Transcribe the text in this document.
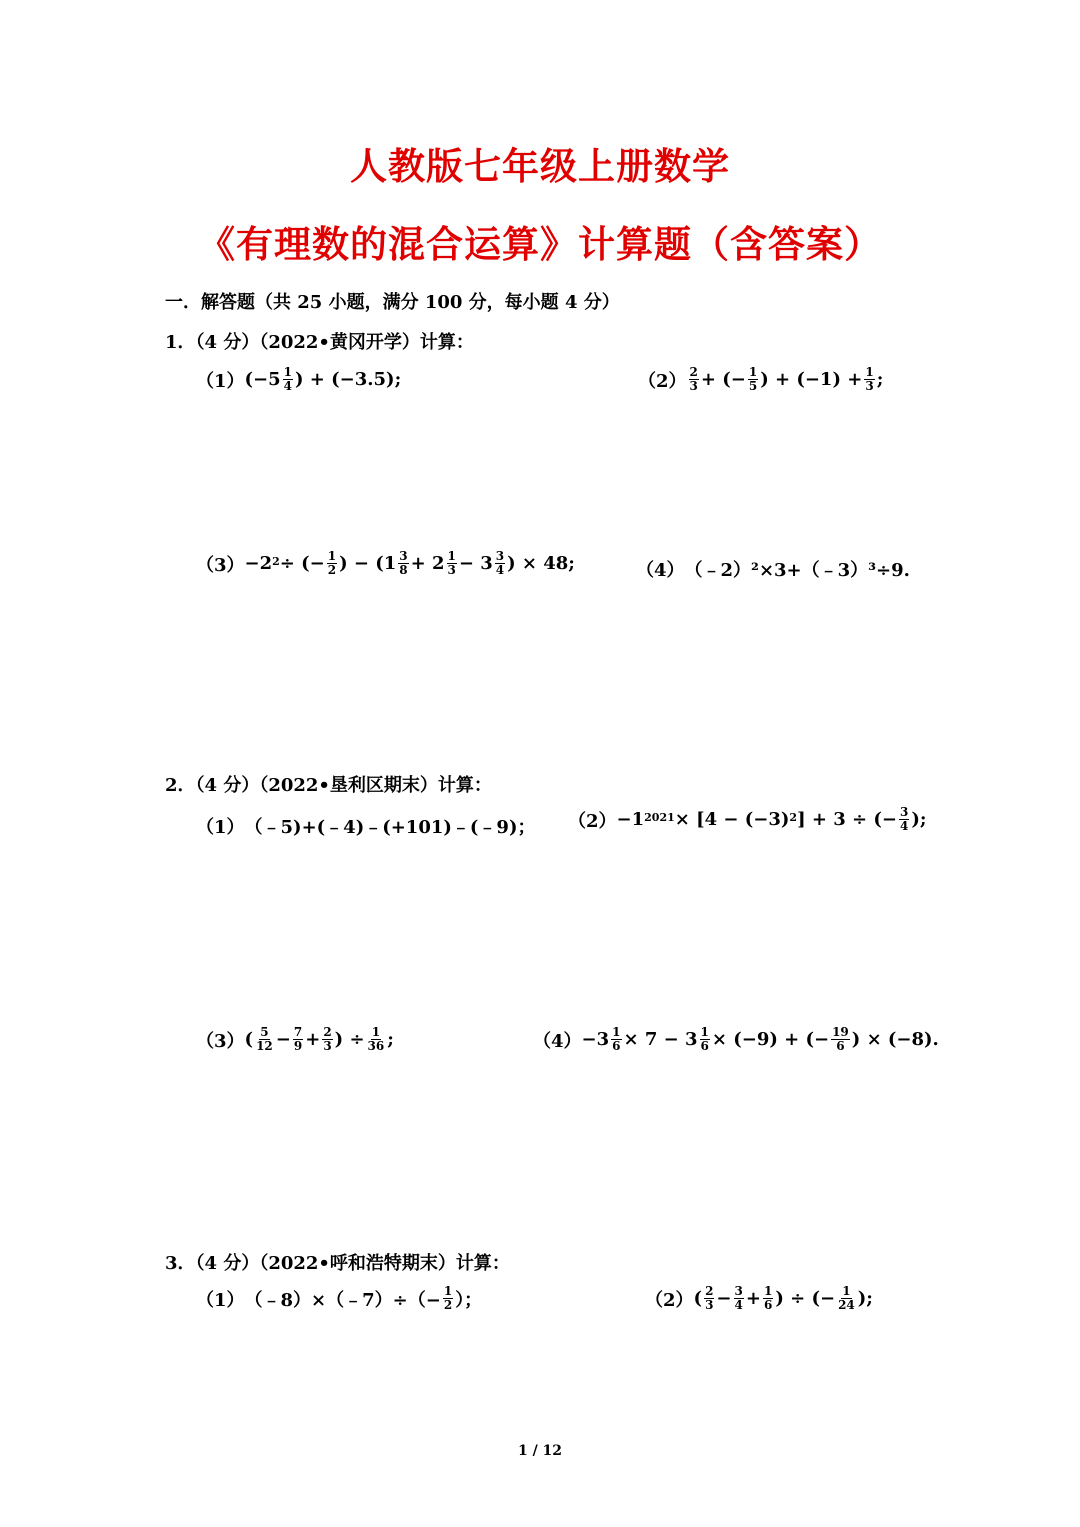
人教版七年级上册数学
《有理数的混合运算》计算题（含答案）
一．解答题（共 25 小题，满分 100 分，每小题 4 分）
1．（4 分）（2022•黄冈开学）计算：
（1） ($-5 \frac{1}{4}$ ) + (−3.5);	$(2) \frac{2}{3}$ + (− $\frac{1}{5}$ ) + $(-1) + \frac{1}{3}$ ;
$(3) -2^2$ ÷ (− $\frac{1}{2}$ ) − ($1 \frac{3}{8} + 2 \frac{1}{3} - 3 \frac{3}{4}$ ) × 48;	（4） （﹣2）²×3+（﹣3）³÷9.
2．（4 分）（2022•垦利区期末）计算：
（1） （﹣5)+(﹣4)﹣(+101)﹣(﹣9)； $(2) -1^{2021} \times [4 - (-3)^2$ ] + 3 ÷ (− $\frac{3}{4}$ );
（3） ( $\frac{5}{12} - \frac{7}{9} + \frac{2}{3}$ ) ÷ $\frac{1}{36}$ ;	$(4) -3 \frac{1}{6} \times 7 - 3 \frac{1}{6} \times (-9)$ + (− $\frac{19}{6}$ ) × (−8).
3．（4 分）（2022•呼和浩特期末）计算：
（1） （﹣8）×（﹣7）÷（− $\frac{1}{2}$ ）；	（2） ( $\frac{2}{3} - \frac{3}{4} + \frac{1}{6}$ ) ÷ (− $\frac{1}{24}$ );
1 / 12
